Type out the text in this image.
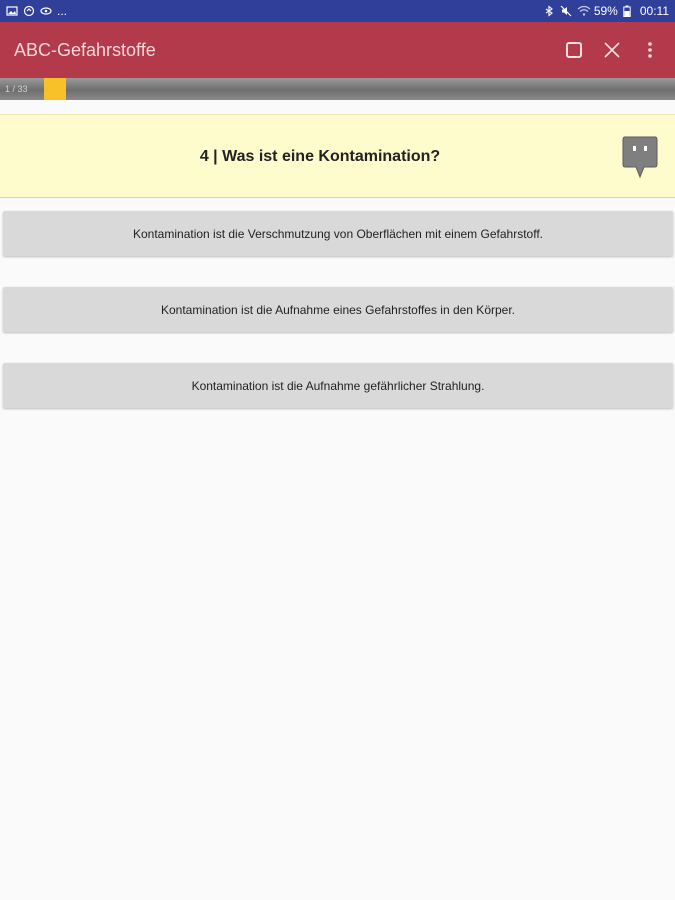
...	59% 00:11
ABC-Gefahrstoffe
1 / 33
4 | Was ist eine Kontamination?
Kontamination ist die Verschmutzung von Oberflächen mit einem Gefahrstoff.
Kontamination ist die Aufnahme eines Gefahrstoffes in den Körper.
Kontamination ist die Aufnahme gefährlicher Strahlung.
